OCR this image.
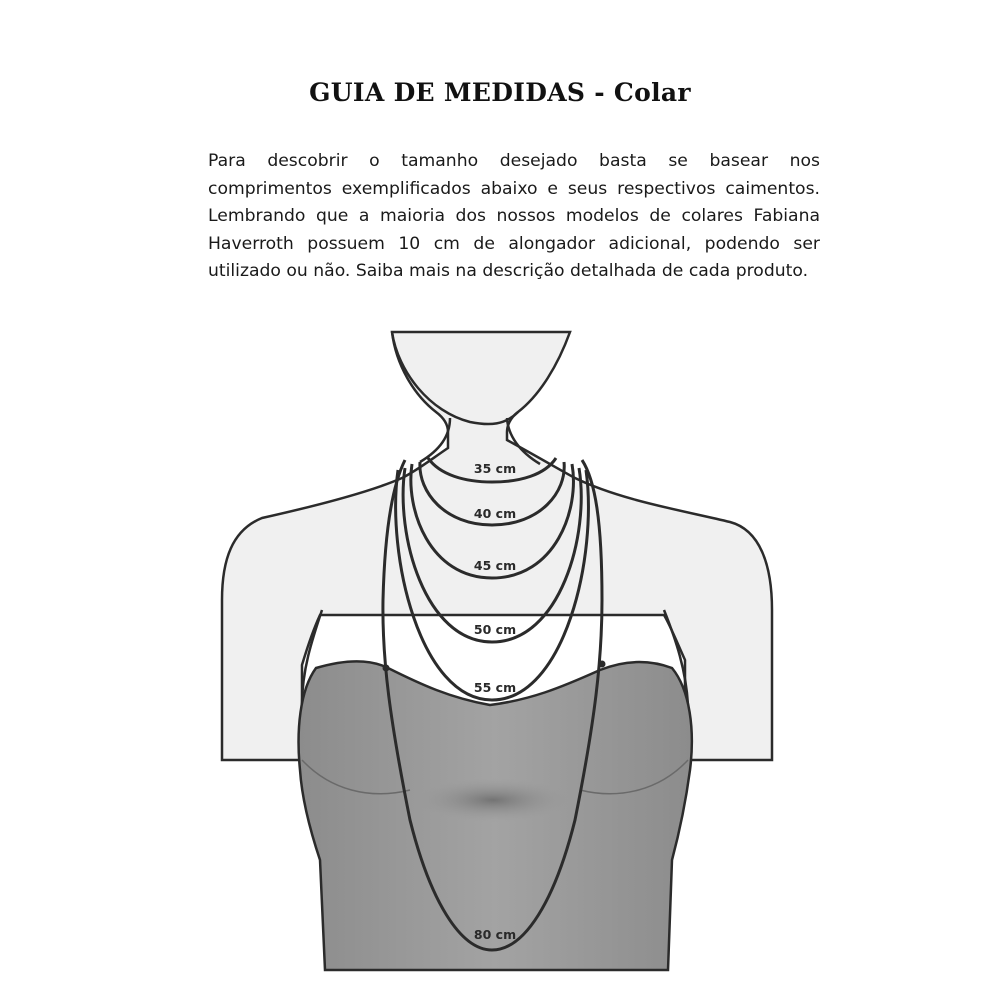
GUIA DE MEDIDAS - Colar
Para descobrir o tamanho desejado basta se basear nos comprimentos exemplificados abaixo e seus respectivos caimentos. Lembrando que a maioria dos nossos modelos de colares Fabiana Haverroth possuem 10 cm de alongador adicional, podendo ser utilizado ou não. Saiba mais na descrição detalhada de cada produto.
35 cm
40 cm
45 cm
50 cm
55 cm
80 cm
